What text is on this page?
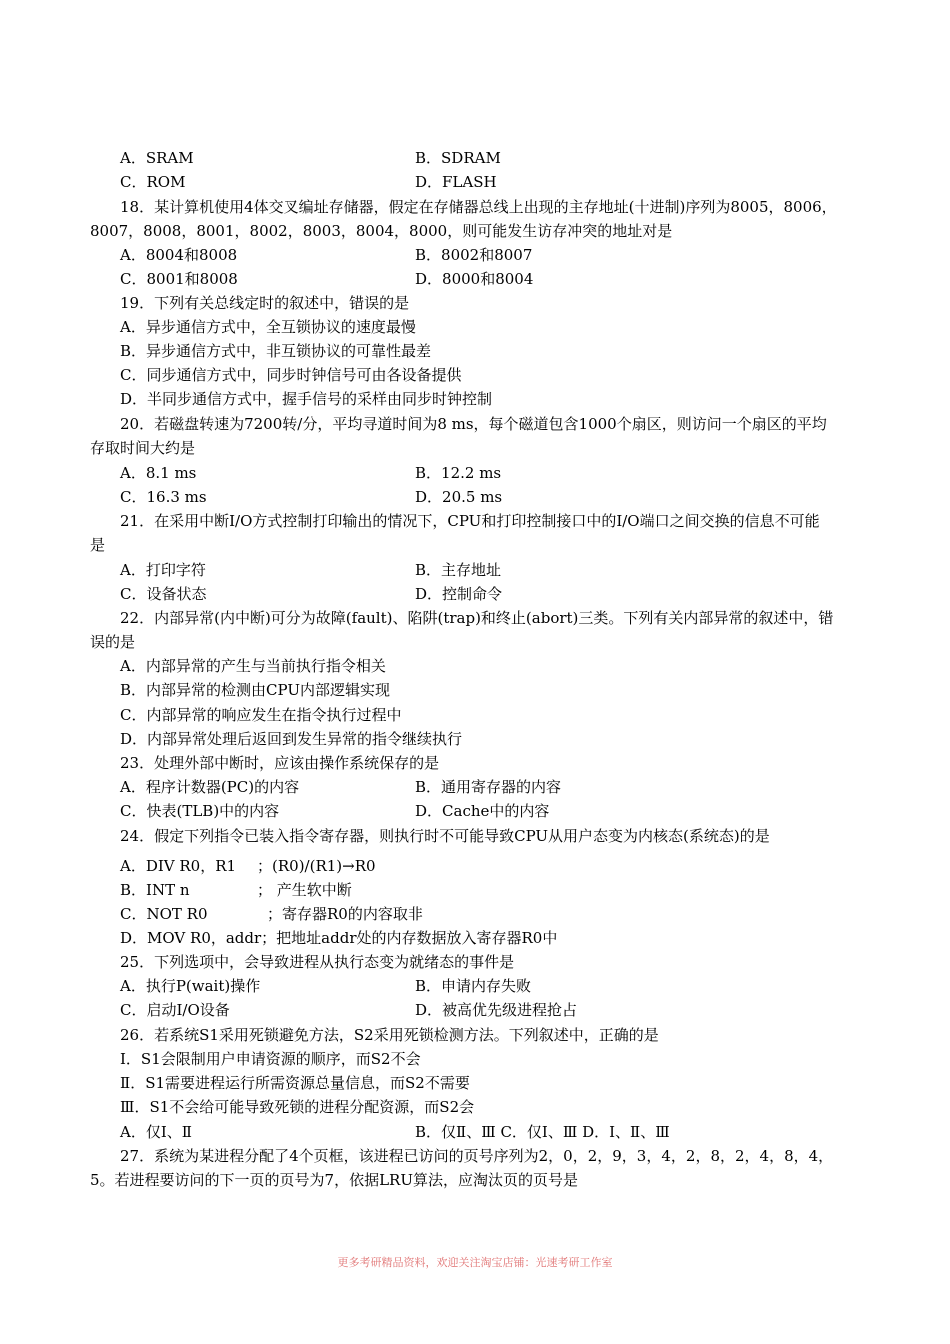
A．SRAM	B．SDRAM
C．ROM	D．FLASH
18．某计算机使用4体交叉编址存储器，假定在存储器总线上出现的主存地址(十进制)序列为8005，8006，
8007，8008，8001，8002，8003，8004，8000，则可能发生访存冲突的地址对是
A．8004和8008	B．8002和8007
C．8001和8008	D．8000和8004
19．下列有关总线定时的叙述中，错误的是
A．异步通信方式中，全互锁协议的速度最慢
B．异步通信方式中，非互锁协议的可靠性最差
C．同步通信方式中，同步时钟信号可由各设备提供
D．半同步通信方式中，握手信号的采样由同步时钟控制
20．若磁盘转速为7200转/分，平均寻道时间为8 ms，每个磁道包含1000个扇区，则访问一个扇区的平均
存取时间大约是
A．8.1 ms	B．12.2 ms
C．16.3 ms	D．20.5 ms
21．在采用中断I/O方式控制打印输出的情况下，CPU和打印控制接口中的I/O端口之间交换的信息不可能
是
A．打印字符	B．主存地址
C．设备状态	D．控制命令
22．内部异常(内中断)可分为故障(fault)、陷阱(trap)和终止(abort)三类。下列有关内部异常的叙述中，错
误的是
A．内部异常的产生与当前执行指令相关
B．内部异常的检测由CPU内部逻辑实现
C．内部异常的响应发生在指令执行过程中
D．内部异常处理后返回到发生异常的指令继续执行
23．处理外部中断时，应该由操作系统保存的是
A．程序计数器(PC)的内容	B．通用寄存器的内容
C．快表(TLB)中的内容	D．Cache中的内容
24．假定下列指令已装入指令寄存器，则执行时不可能导致CPU从用户态变为内核态(系统态)的是
A．DIV R0，R1 ；(R0)/(R1)→R0
B．INT n	； 产生软中断
C．NOT R0	；寄存器R0的内容取非
D．MOV R0，addr；把地址addr处的内存数据放入寄存器R0中
25．下列选项中，会导致进程从执行态变为就绪态的事件是
A．执行P(wait)操作	B．申请内存失败
C．启动I/O设备	D．被高优先级进程抢占
26．若系统S1采用死锁避免方法，S2采用死锁检测方法。下列叙述中，正确的是
Ⅰ．S1会限制用户申请资源的顺序，而S2不会
Ⅱ．S1需要进程运行所需资源总量信息，而S2不需要
Ⅲ．S1不会给可能导致死锁的进程分配资源，而S2会
A．仅Ⅰ、Ⅱ	B．仅Ⅱ、Ⅲ C．仅Ⅰ、Ⅲ D．Ⅰ、Ⅱ、Ⅲ
27．系统为某进程分配了4个页框，该进程已访问的页号序列为2，0，2，9，3，4，2，8，2，4，8，4，
5。若进程要访问的下一页的页号为7，依据LRU算法，应淘汰页的页号是
更多考研精品资料，欢迎关注淘宝店铺：光速考研工作室
